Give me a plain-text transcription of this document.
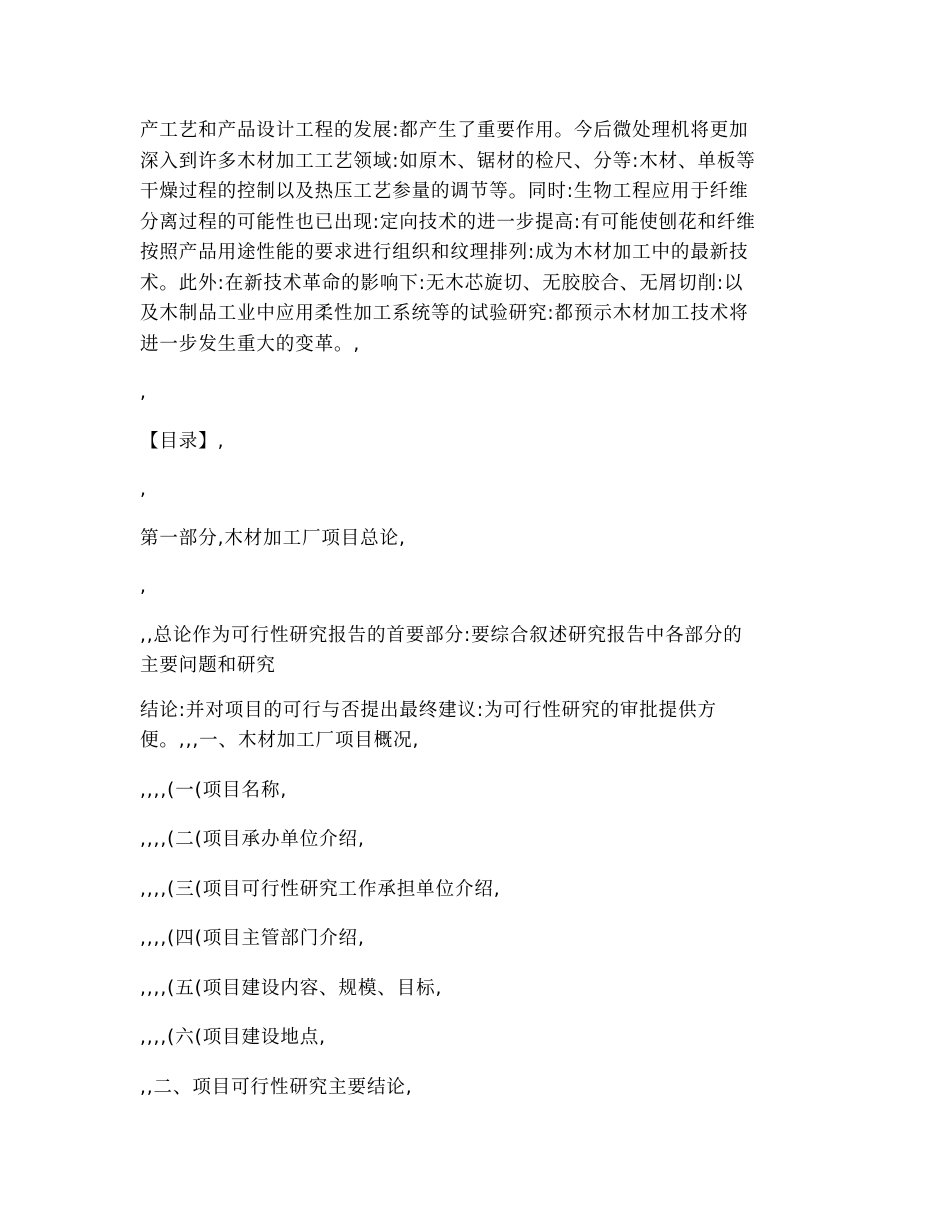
产工艺和产品设计工程的发展:都产生了重要作用。今后微处理机将更加
深入到许多木材加工工艺领域:如原木、锯材的检尺、分等:木材、单板等
干燥过程的控制以及热压工艺参量的调节等。同时:生物工程应用于纤维
分离过程的可能性也已出现:定向技术的进一步提高:有可能使刨花和纤维
按照产品用途性能的要求进行组织和纹理排列:成为木材加工中的最新技
术。此外:在新技术革命的影响下:无木芯旋切、无胶胶合、无屑切削:以
及木制品工业中应用柔性加工系统等的试验研究:都预示木材加工技术将
进一步发生重大的变革。,

,

【目录】,

,

第一部分,木材加工厂项目总论,

,

,,总论作为可行性研究报告的首要部分:要综合叙述研究报告中各部分的
主要问题和研究

结论:并对项目的可行与否提出最终建议:为可行性研究的审批提供方
便。,,,一、木材加工厂项目概况,

,,,,(一(项目名称,

,,,,(二(项目承办单位介绍,

,,,,(三(项目可行性研究工作承担单位介绍,

,,,,(四(项目主管部门介绍,

,,,,(五(项目建设内容、规模、目标,

,,,,(六(项目建设地点,

,,二、项目可行性研究主要结论,
